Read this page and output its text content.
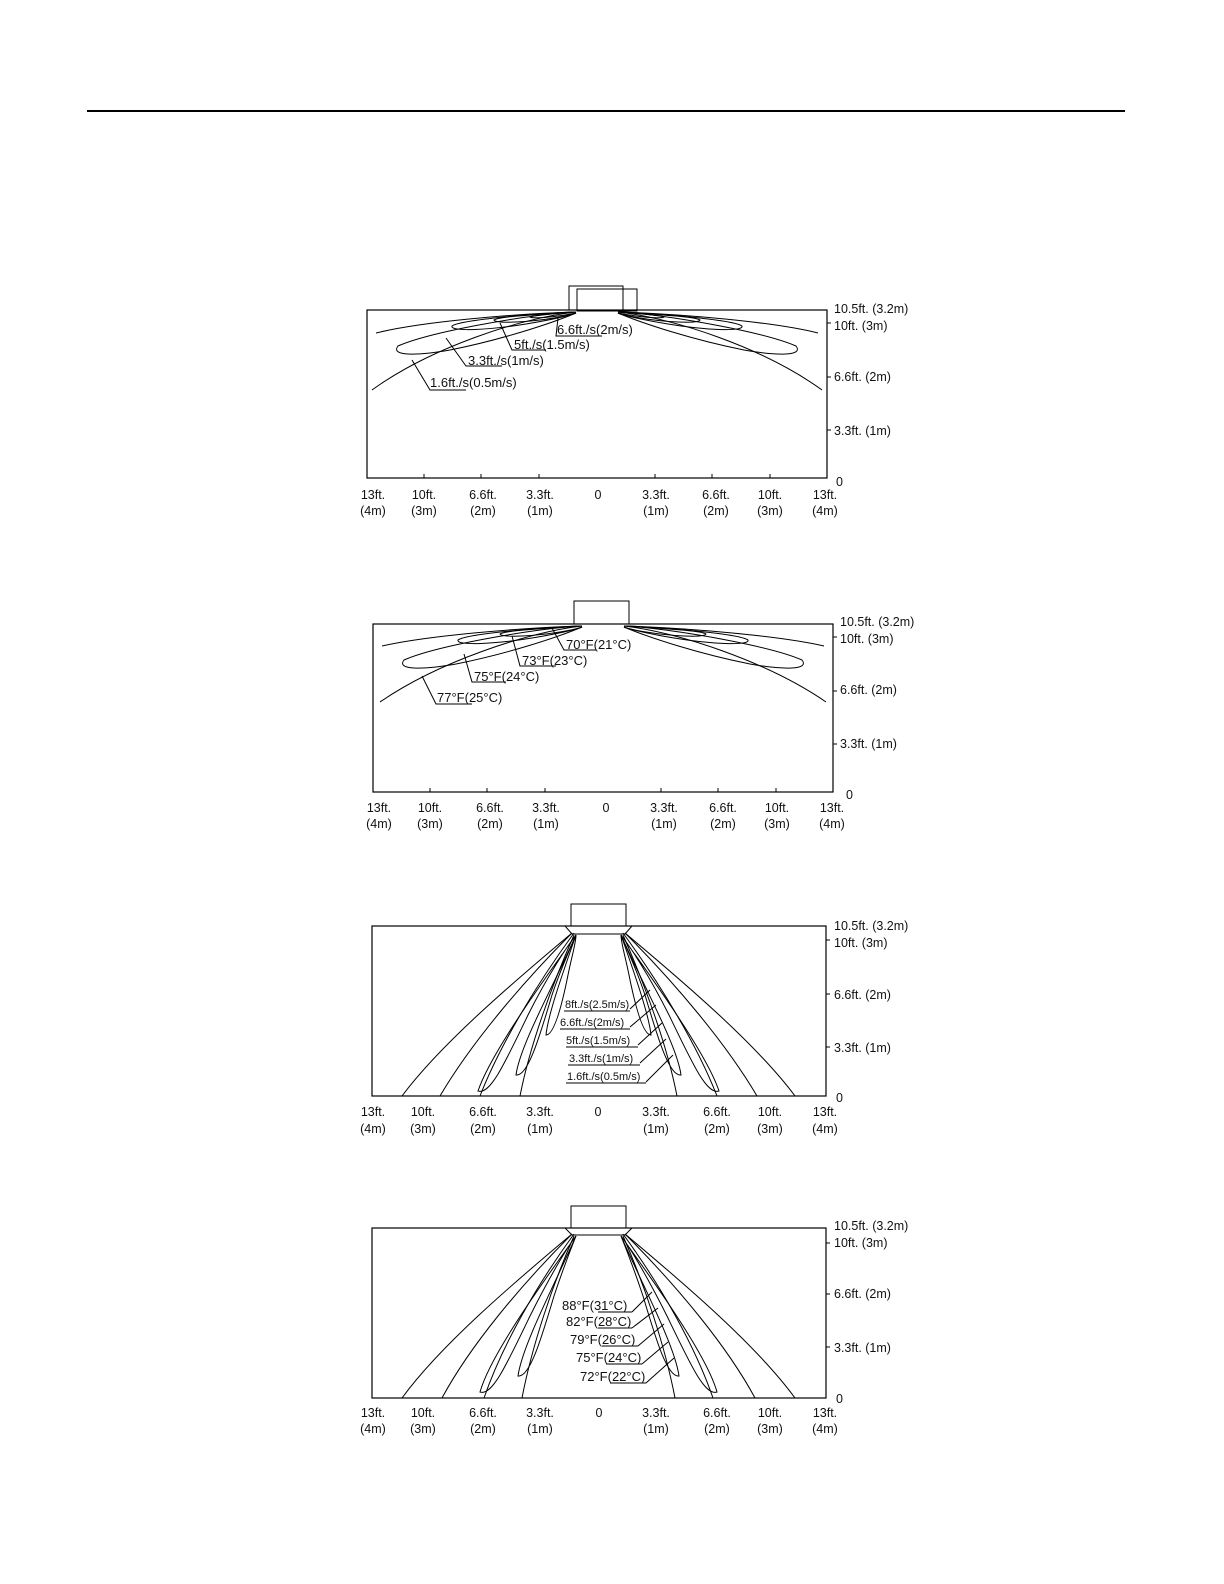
6.6ft./s(2m/s)
5ft./s(1.5m/s)
3.3ft./s(1m/s)
1.6ft./s(0.5m/s)
10.5ft. (3.2m)
10ft. (3m)
6.6ft. (2m)
3.3ft. (1m)
0
13ft.
(4m)
10ft.
(3m)
6.6ft.
(2m)
3.3ft.
(1m)
0	3.3ft.
(1m)
6.6ft.
(2m)
10ft.
(3m)
13ft.
(4m)
70°F(21°C)
73°F(23°C)
75°F(24°C)
77°F(25°C)
10.5ft. (3.2m)
10ft. (3m)
6.6ft. (2m)
3.3ft. (1m)
0
13ft.
(4m)
10ft.
(3m)
6.6ft.
(2m)
3.3ft.
(1m)
0	3.3ft.
(1m)
6.6ft.
(2m)
10ft.
(3m)
13ft.
(4m)
8ft./s(2.5m/s)
6.6ft./s(2m/s)
5ft./s(1.5m/s)
3.3ft./s(1m/s)
1.6ft./s(0.5m/s)
10.5ft. (3.2m)
10ft. (3m)
6.6ft. (2m)
3.3ft. (1m)
0
13ft.
(4m)
10ft.
(3m)
6.6ft.
(2m)
3.3ft.
(1m)
0	3.3ft.
(1m)
6.6ft.
(2m)
10ft.
(3m)
13ft.
(4m)
88°F(31°C)
82°F(28°C)
79°F(26°C)
75°F(24°C)
72°F(22°C)
10.5ft. (3.2m)
10ft. (3m)
6.6ft. (2m)
3.3ft. (1m)
0
13ft.
(4m)
10ft.
(3m)
6.6ft.
(2m)
3.3ft.
(1m)
0	3.3ft.
(1m)
6.6ft.
(2m)
10ft.
(3m)
13ft.
(4m)
